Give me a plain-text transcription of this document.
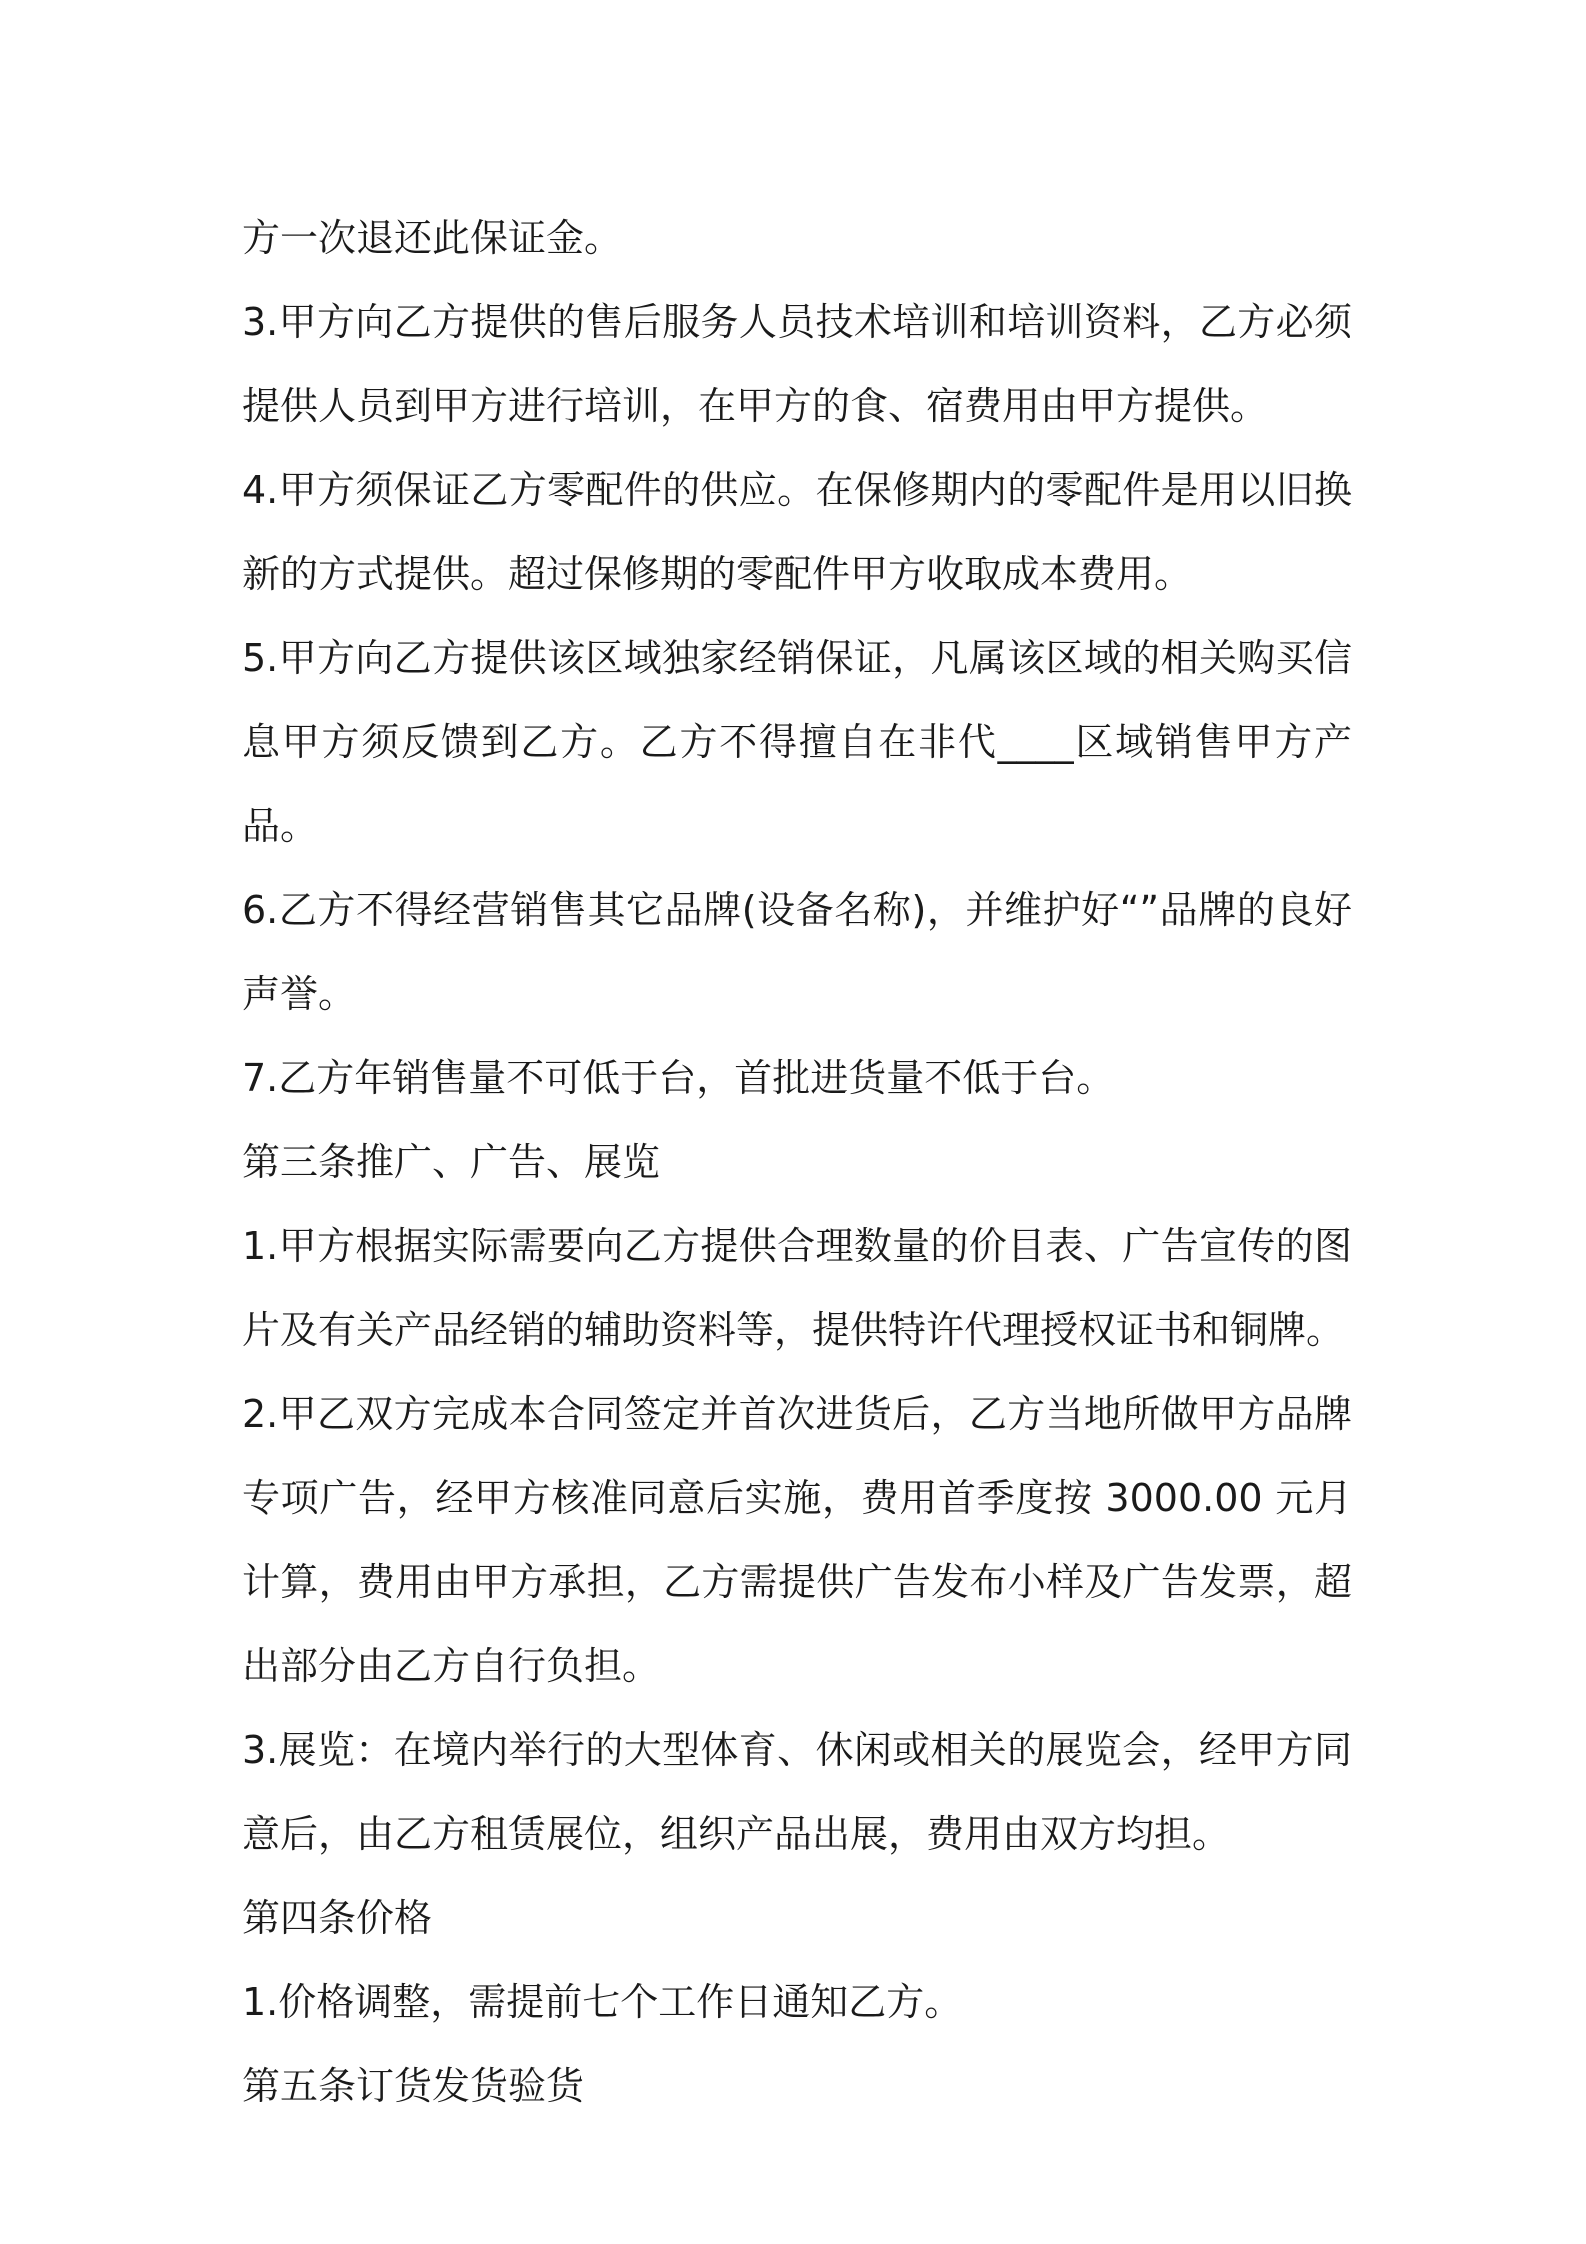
方一次退还此保证金。

3.甲方向乙方提供的售后服务人员技术培训和培训资料，乙方必须提供人员到甲方进行培训，在甲方的食、宿费用由甲方提供。

4.甲方须保证乙方零配件的供应。在保修期内的零配件是用以旧换新的方式提供。超过保修期的零配件甲方收取成本费用。

5.甲方向乙方提供该区域独家经销保证，凡属该区域的相关购买信息甲方须反馈到乙方。乙方不得擅自在非代____区域销售甲方产品。

6.乙方不得经营销售其它品牌(设备名称)，并维护好“”品牌的良好声誉。

7.乙方年销售量不可低于台，首批进货量不低于台。

第三条推广、广告、展览

1.甲方根据实际需要向乙方提供合理数量的价目表、广告宣传的图片及有关产品经销的辅助资料等，提供特许代理授权证书和铜牌。

2.甲乙双方完成本合同签定并首次进货后，乙方当地所做甲方品牌专项广告，经甲方核准同意后实施，费用首季度按 3000.00 元月计算，费用由甲方承担，乙方需提供广告发布小样及广告发票，超出部分由乙方自行负担。

3.展览：在境内举行的大型体育、休闲或相关的展览会，经甲方同意后，由乙方租赁展位，组织产品出展，费用由双方均担。

第四条价格

1.价格调整，需提前七个工作日通知乙方。

第五条订货发货验货
